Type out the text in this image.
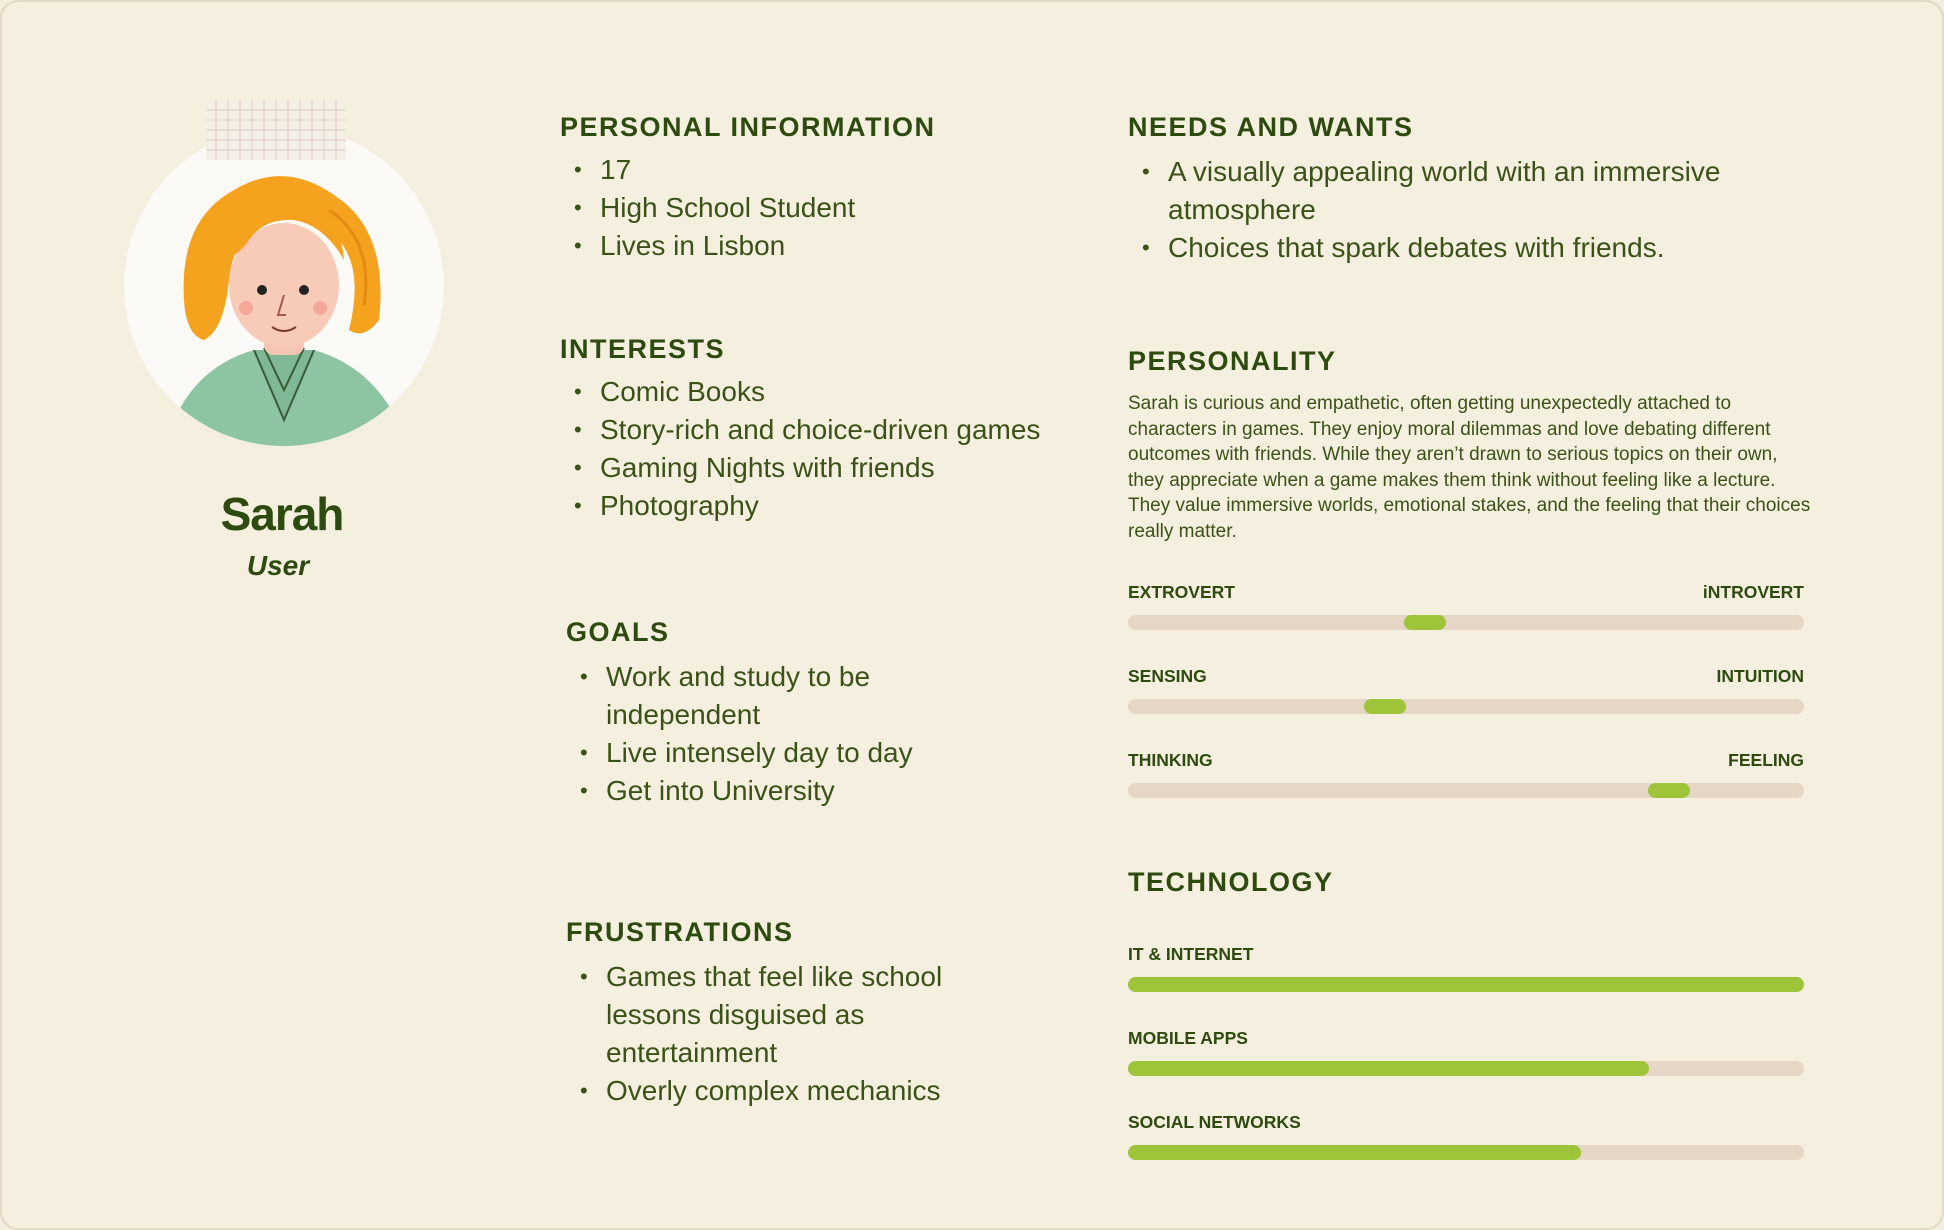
Sarah
User
PERSONAL INFORMATION
• 17
• High School Student
• Lives in Lisbon
INTERESTS
• Comic Books
• Story-rich and choice-driven games
• Gaming Nights with friends
• Photography
GOALS
• Work and study to be independent
• Live intensely day to day
• Get into University
FRUSTRATIONS
• Games that feel like school lessons disguised as entertainment
• Overly complex mechanics
NEEDS AND WANTS
• A visually appealing world with an immersive atmosphere
• Choices that spark debates with friends.
PERSONALITY
Sarah is curious and empathetic, often getting unexpectedly attached to characters in games. They enjoy moral dilemmas and love debating different outcomes with friends. While they aren’t drawn to serious topics on their own, they appreciate when a game makes them think without feeling like a lecture. They value immersive worlds, emotional stakes, and the feeling that their choices really matter.
EXTROVERT	iNTROVERT
SENSING	INTUITION
THINKING	FEELING
TECHNOLOGY
IT & INTERNET
MOBILE APPS
SOCIAL NETWORKS
